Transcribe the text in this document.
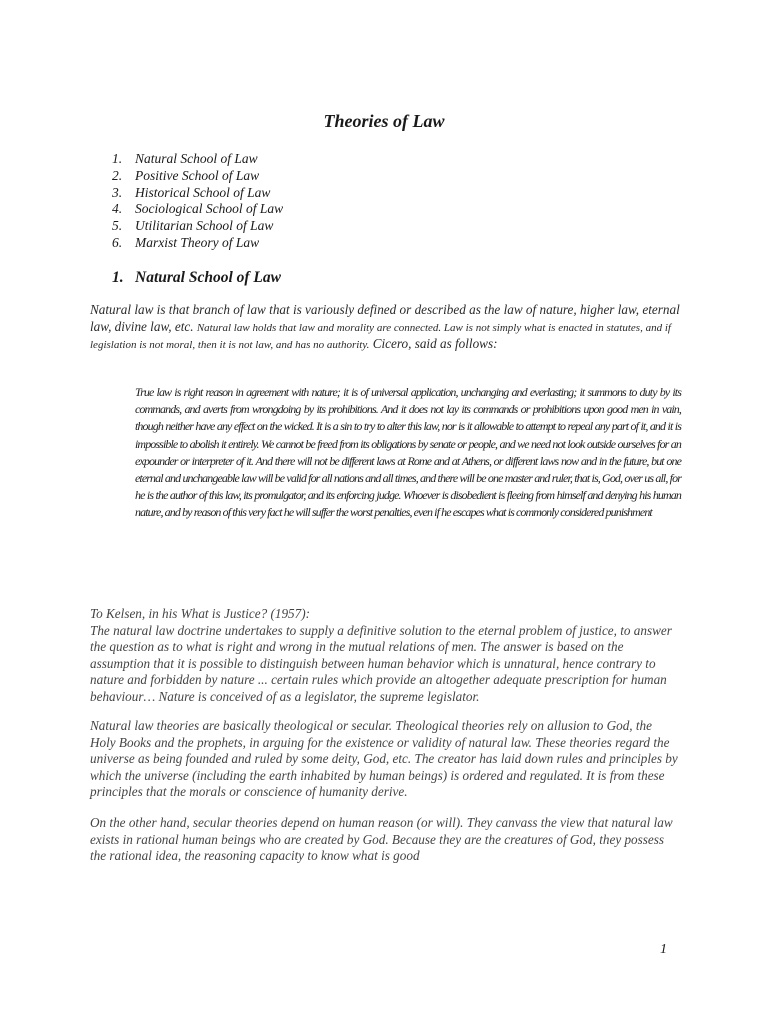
Theories of Law
1. Natural School of Law
2. Positive School of Law
3. Historical School of Law
4. Sociological School of Law
5. Utilitarian School of Law
6. Marxist Theory of Law
1. Natural School of Law

Natural law is that branch of law that is variously defined or described as the law of nature, higher law, eternal law, divine law, etc. Natural law holds that law and morality are connected. Law is not simply what is enacted in statutes, and if legislation is not moral, then it is not law, and has no authority. Cicero, said as follows:

True law is right reason in agreement with nature; it is of universal application, unchanging and everlasting; it summons to duty by its commands, and averts from wrongdoing by its prohibitions. And it does not lay its commands or prohibitions upon good men in vain, though neither have any effect on the wicked. It is a sin to try to alter this law, nor is it allowable to attempt to repeal any part of it, and it is impossible to abolish it entirely. We cannot be freed from its obligations by senate or people, and we need not look outside ourselves for an expounder or interpreter of it. And there will not be different laws at Rome and at Athens, or different laws now and in the future, but one eternal and unchangeable law will be valid for all nations and all times, and there will be one master and ruler, that is, God, over us all, for he is the author of this law, its promulgator, and its enforcing judge. Whoever is disobedient is fleeing from himself and denying his human nature, and by reason of this very fact he will suffer the worst penalties, even if he escapes what is commonly considered punishment

To Kelsen, in his What is Justice? (1957):
The natural law doctrine undertakes to supply a definitive solution to the eternal problem of justice, to answer the question as to what is right and wrong in the mutual relations of men. The answer is based on the assumption that it is possible to distinguish between human behavior which is unnatural, hence contrary to nature and forbidden by nature ... certain rules which provide an altogether adequate prescription for human behaviour… Nature is conceived of as a legislator, the supreme legislator.

Natural law theories are basically theological or secular. Theological theories rely on allusion to God, the Holy Books and the prophets, in arguing for the existence or validity of natural law. These theories regard the universe as being founded and ruled by some deity, God, etc. The creator has laid down rules and principles by which the universe (including the earth inhabited by human beings) is ordered and regulated. It is from these principles that the morals or conscience of humanity derive.

On the other hand, secular theories depend on human reason (or will). They canvass the view that natural law exists in rational human beings who are created by God. Because they are the creatures of God, they possess the rational idea, the reasoning capacity to know what is good

1
